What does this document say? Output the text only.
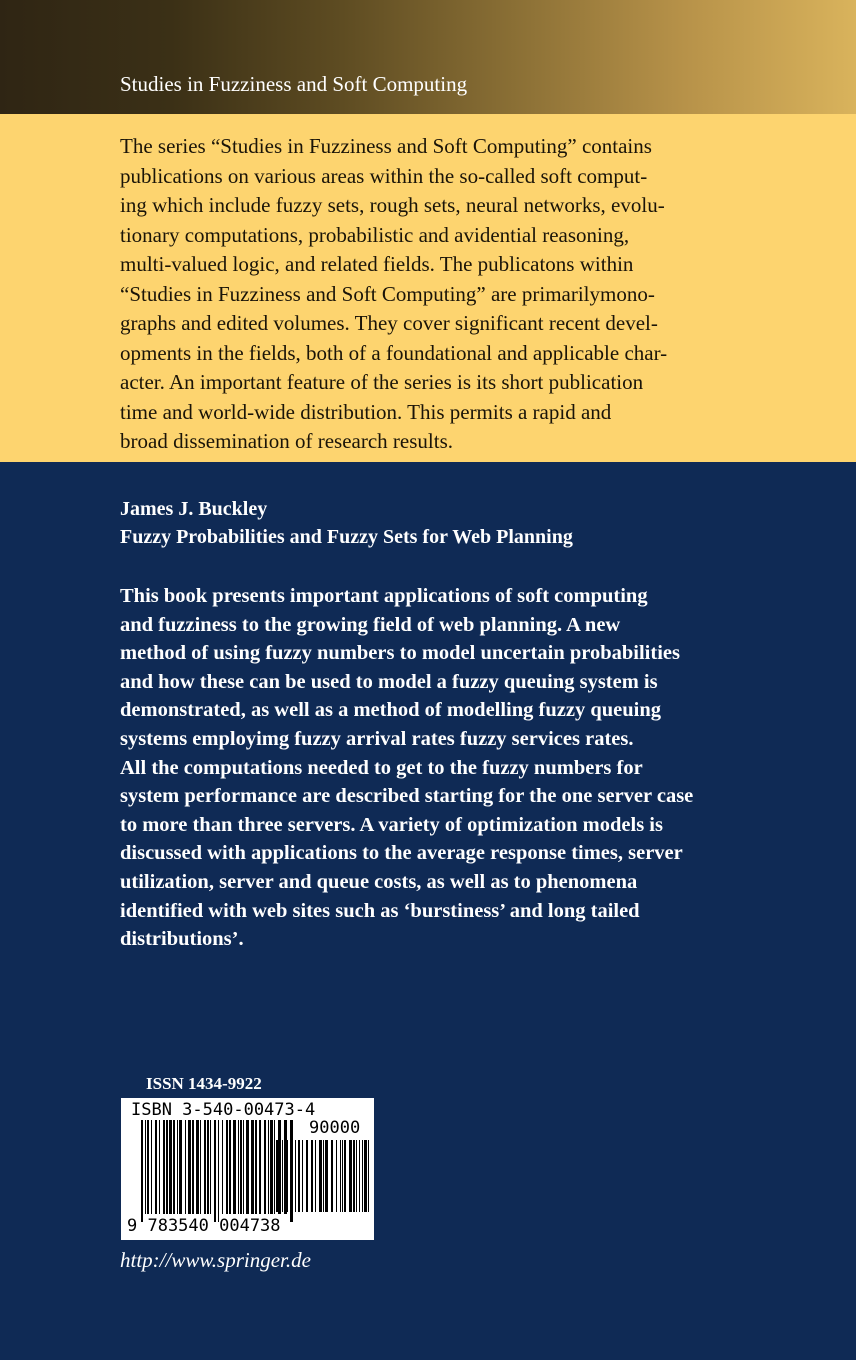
Studies in Fuzziness and Soft Computing
The series “Studies in Fuzziness and Soft Computing” contains
publications on various areas within the so-called soft comput-
ing which include fuzzy sets, rough sets, neural networks, evolu-
tionary computations, probabilistic and avidential reasoning,
multi-valued logic, and related fields. The publicatons within
“Studies in Fuzziness and Soft Computing” are primarilymono-
graphs and edited volumes. They cover significant recent devel-
opments in the fields, both of a foundational and applicable char-
acter. An important feature of the series is its short publication
time and world-wide distribution. This permits a rapid and
broad dissemination of research results.
James J. Buckley
Fuzzy Probabilities and Fuzzy Sets for Web Planning
This book presents important applications of soft computing
and fuzziness to the growing field of web planning. A new
method of using fuzzy numbers to model uncertain probabilities
and how these can be used to model a fuzzy queuing system is
demonstrated, as well as a method of modelling fuzzy queuing
systems employimg fuzzy arrival rates fuzzy services rates.
All the computations needed to get to the fuzzy numbers for
system performance are described starting for the one server case
to more than three servers. A variety of optimization models is
discussed with applications to the average response times, server
utilization, server and queue costs, as well as to phenomena
identified with web sites such as ‘burstiness’ and long tailed
distributions’.
ISSN 1434-9922
ISBN 3-540-00473-4
90000
9 783540 004738
http://www.springer.de
